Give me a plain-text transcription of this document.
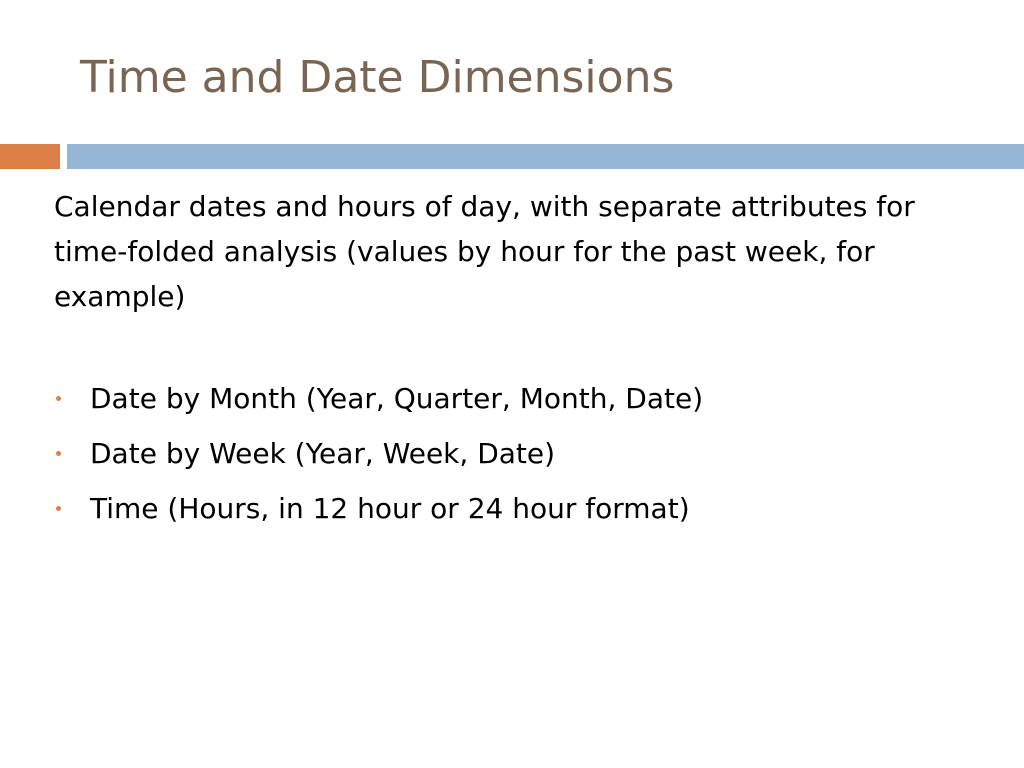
Time and Date Dimensions

Calendar dates and hours of day, with separate attributes for time-folded analysis (values by hour for the past week, for example)

Date by Month (Year, Quarter, Month, Date)
Date by Week (Year, Week, Date)
Time (Hours, in 12 hour or 24 hour format)
